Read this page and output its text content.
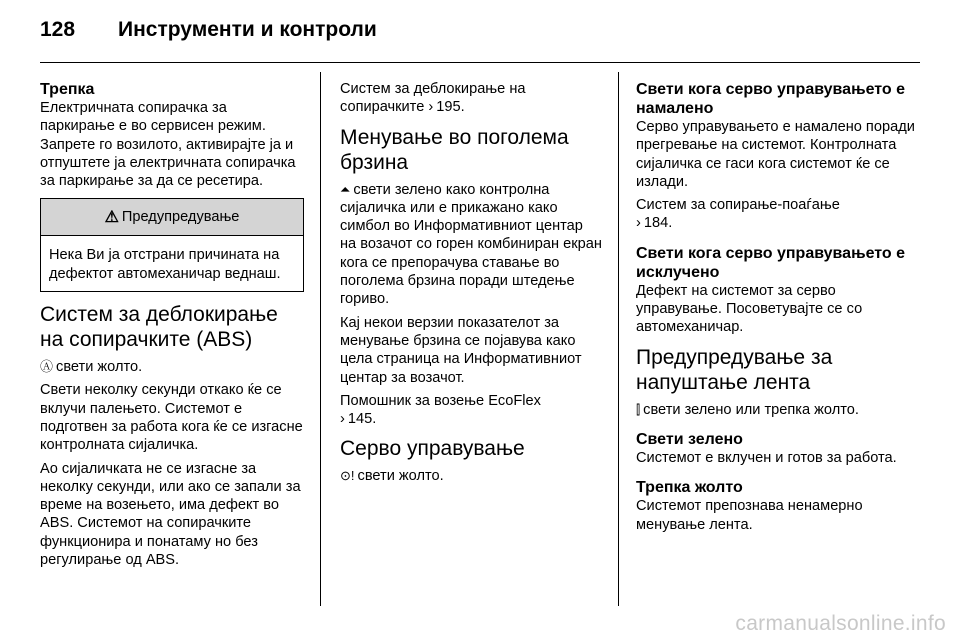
128	Инструменти и контроли
Трепка

Електричната сопирачка за паркирање е во сервисен режим. Запрете го возилото, активирајте ја и отпуштете ја електричната сопирачка за паркирање за да се ресетира.

⚠ Предупредување
Нека Ви ја отстрани причината на дефектот автомеханичар веднаш.
Систем за деблокирање на сопирачките (ABS)

Ⓐ свети жолто.

Свети неколку секунди откако ќе се вклучи палењето. Системот е подготвен за работа кога ќе се изгасне контролната сијаличка.

Ао сијаличката не се изгасне за неколку секунди, или ако се запали за време на возењето, има дефект во ABS. Системот на сопирачките функционира и понатаму но без регулирање од ABS.

Систем за деблокирање на сопирачките › 195.

Менување во поголема брзина

⏶ свети зелено како контролна сијаличка или е прикажано како симбол во Информативниот центар на возачот со горен комбиниран екран кога се препорачува ставање во поголема брзина поради штедење гориво.

Кај некои верзии показателот за менување брзина се појавува како цела страница на Информативниот центар за возачот.

Помошник за возење EcoFlex
› 145.

Серво управување

⊙! свети жолто.

Свети кога серво управувањето е намалено

Серво управувањето е намалено поради прегревање на системот. Контролната сијаличка се гаси кога системот ќе се излади.

Систем за сопирање-поаѓање
› 184.

Свети кога серво управувањето е исклучено

Дефект на системот за серво управување. Посоветувајте се со автомеханичар.

Предупредување за напуштање лента

⫿ свети зелено или трепка жолто.

Свети зелено

Системот е вклучен и готов за работа.

Трепка жолто

Системот препознава ненамерно менување лента.

carmanualsonline.info
